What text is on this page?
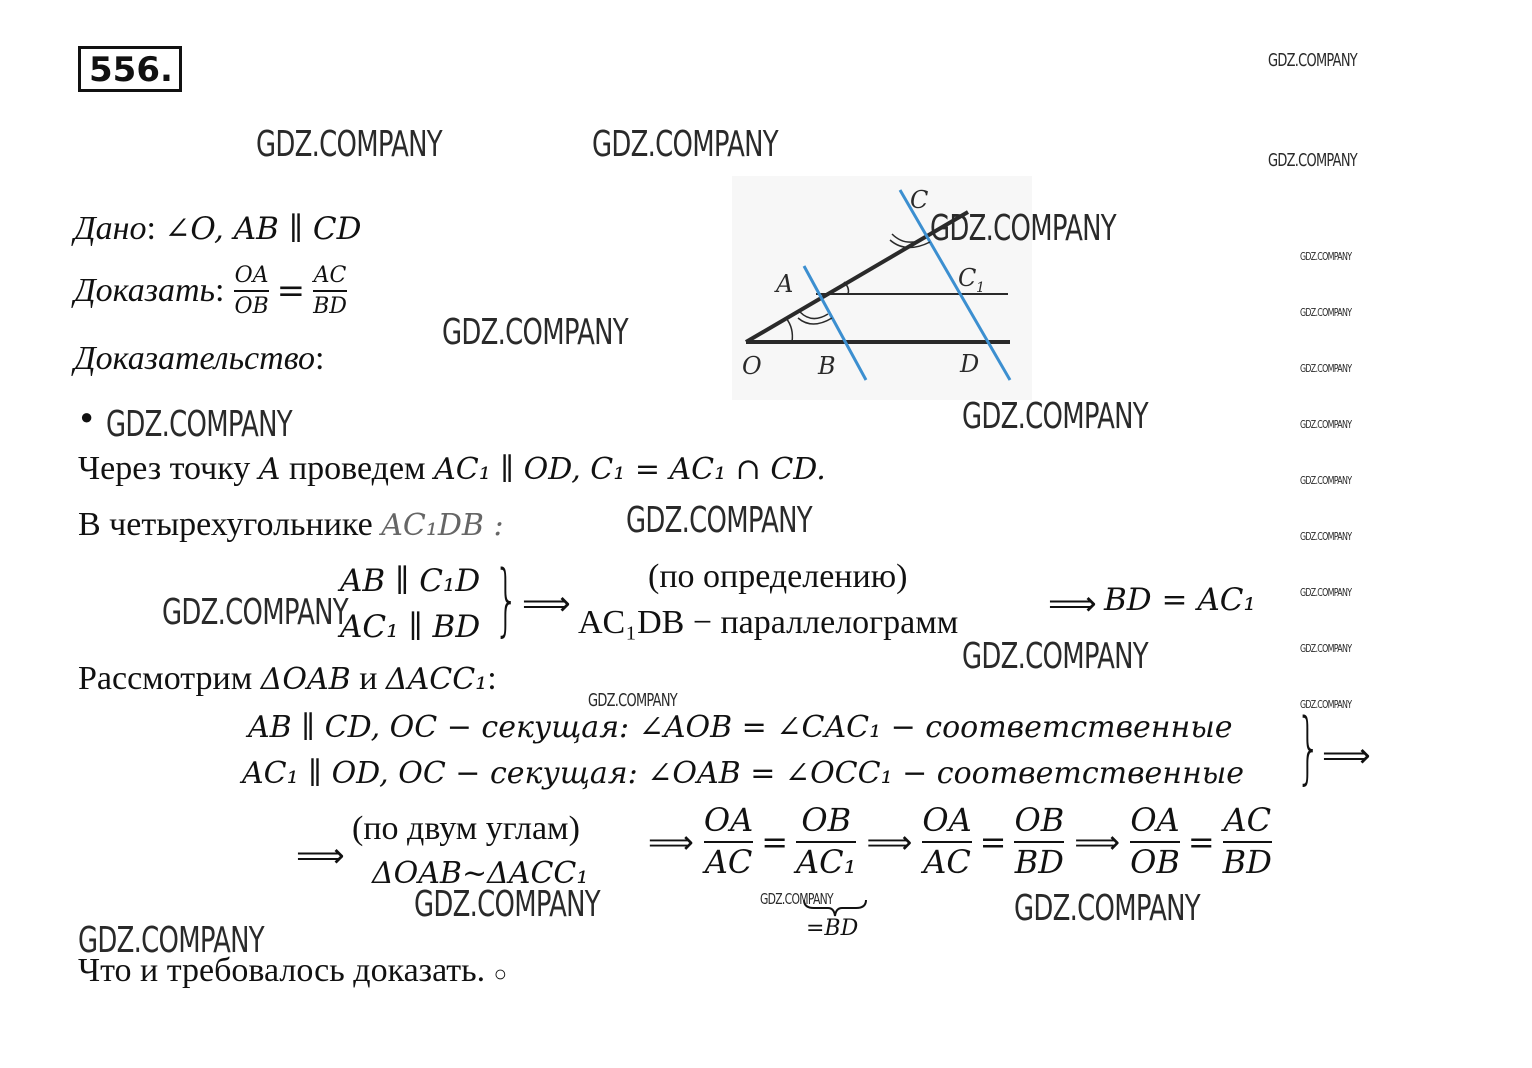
556.
Дано: ∠O, AB ∥ CD
Доказать : $\frac{OA}{OB} = \frac{AC}{BD}$
Доказательство:
●
Через точку A проведем AC₁ ∥ OD, C₁ = AC₁ ∩ CD.
В четырехугольнике AC₁DB :
AB ∥ C₁D
AC₁ ∥ BD } ⟹
(по определению)
AC₁DB − параллелограмм	⟹ BD = AC₁
Рассмотрим ΔOAB и ΔACC₁:
AB ∥ CD, OC − секущая: ∠AOB = ∠CAC₁ − соответственные
AC₁ ∥ OD, OC − секущая: ∠OAB = ∠OCC₁ − соответственные } ⟹
⟹
(по двум углам)
ΔOAB~ΔACC₁
⟹ $\frac{OA}{AC} = \frac{OB}{\text{AC₁}}$ ⟹ $\frac{OA}{AC} = \frac{OB}{BD}$ ⟹ $\frac{OA}{OB} = \frac{AC}{BD}$
=BD
Что и требовалось доказать. ○
O
A
B
C
C 1
D
GDZ.COMPANY	GDZ.COMPANY
GDZ.COMPANY
GDZ.COMPANY
GDZ.COMPANY	GDZ.COMPANY
GDZ.COMPANY
GDZ.COMPANY
GDZ.COMPANY
GDZ.COMPANY	GDZ.COMPANY
GDZ.COMPANY
GDZ.COMPANY
GDZ.COMPANY
GDZ.COMPANY
GDZ.COMPANY
GDZ.COMPANY
GDZ.COMPANY
GDZ.COMPANY
GDZ.COMPANY
GDZ.COMPANY
GDZ.COMPANY
GDZ.COMPANY
GDZ.COMPANY
GDZ.COMPANY
